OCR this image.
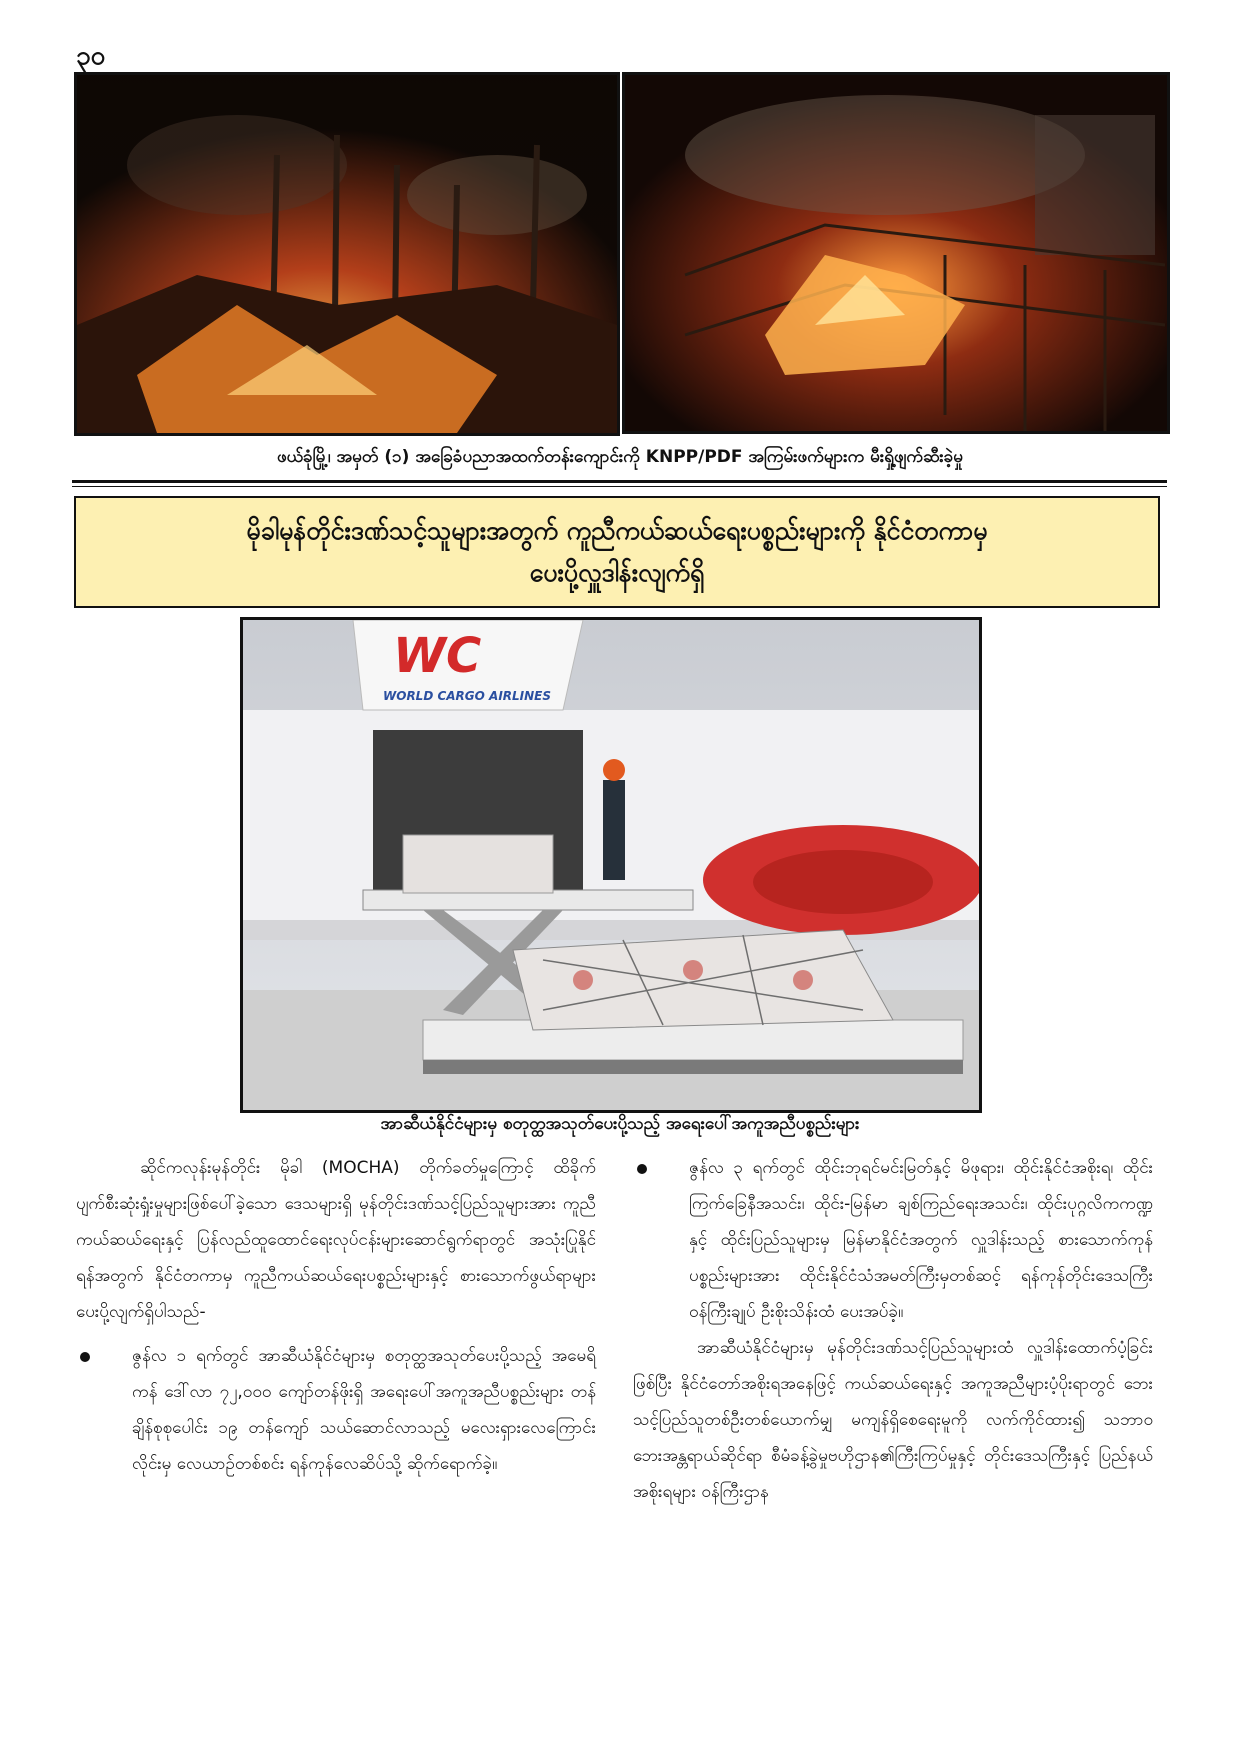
၃၀
ဖယ်ခုံမြို့၊ အမှတ် (၁) အခြေခံပညာအထက်တန်းကျောင်းကို KNPP/PDF အကြမ်းဖက်များက မီးရှို့ဖျက်ဆီးခဲ့မှု
မိုခါမုန်တိုင်းဒဏ်သင့်သူများအတွက် ကူညီကယ်ဆယ်ရေးပစ္စည်းများကို နိုင်ငံတကာမှ
ပေးပို့လှူဒါန်းလျက်ရှိ
WC
WORLD CARGO AIRLINES
အာဆီယံနိုင်ငံများမှ စတုတ္ထအသုတ်ပေးပို့သည့် အရေးပေါ်အကူအညီပစ္စည်းများ

ဆိုင်ကလုန်းမုန်တိုင်း မိုခါ (MOCHA) တိုက်ခတ်မှုကြောင့် ထိခိုက်ပျက်စီးဆုံးရှုံးမှုများဖြစ်ပေါ်ခဲ့သော ဒေသများရှိ မုန်တိုင်းဒဏ်သင့်ပြည်သူများအား ကူညီကယ်ဆယ်ရေးနှင့် ပြန်လည်ထူထောင်ရေးလုပ်ငန်းများဆောင်ရွက်ရာတွင် အသုံးပြုနိုင်ရန်အတွက် နိုင်ငံတကာမှ ကူညီကယ်ဆယ်ရေးပစ္စည်းများနှင့် စားသောက်ဖွယ်ရာများ ပေးပို့လျက်ရှိပါသည်-

ဇွန်လ ၁ ရက်တွင် အာဆီယံနိုင်ငံများမှ စတုတ္ထအသုတ်ပေးပို့သည့် အမေရိကန် ဒေါ်လာ ၇၂,၀၀၀ ကျော်တန်ဖိုးရှိ အရေးပေါ်အကူအညီပစ္စည်းများ တန်ချိန်စုစုပေါင်း ၁၉ တန်ကျော် သယ်ဆောင်လာသည့် မလေးရှားလေကြောင်းလိုင်းမှ လေယာဉ်တစ်စင်း ရန်ကုန်လေဆိပ်သို့ ဆိုက်ရောက်ခဲ့။
ဇွန်လ ၃ ရက်တွင် ထိုင်းဘုရင်မင်းမြတ်နှင့် မိဖုရား၊ ထိုင်းနိုင်ငံအစိုးရ၊ ထိုင်းကြက်ခြေနီအသင်း၊ ထိုင်း-မြန်မာ ချစ်ကြည်ရေးအသင်း၊ ထိုင်းပုဂ္ဂလိကကဏ္ဍနှင့် ထိုင်းပြည်သူများမှ မြန်မာနိုင်ငံအတွက် လှူဒါန်းသည့် စားသောက်ကုန်ပစ္စည်းများအား ထိုင်းနိုင်ငံသံအမတ်ကြီးမှတစ်ဆင့် ရန်ကုန်တိုင်းဒေသကြီး ဝန်ကြီးချုပ် ဦးစိုးသိန်းထံ ပေးအပ်ခဲ့။

အာဆီယံနိုင်ငံများမှ မုန်တိုင်းဒဏ်သင့်ပြည်သူများထံ လှူဒါန်းထောက်ပံ့ခြင်းဖြစ်ပြီး နိုင်ငံတော်အစိုးရအနေဖြင့် ကယ်ဆယ်ရေးနှင့် အကူအညီများပံ့ပိုးရာတွင် ဘေးသင့်ပြည်သူတစ်ဦးတစ်ယောက်မျှ မကျန်ရှိစေရေးမူကို လက်ကိုင်ထား၍ သဘာဝဘေးအန္တရာယ်ဆိုင်ရာ စီမံခန့်ခွဲမှုဗဟိုဌာန၏ကြီးကြပ်မှုနှင့် တိုင်းဒေသကြီးနှင့် ပြည်နယ်အစိုးရများ ဝန်ကြီးဌာန
